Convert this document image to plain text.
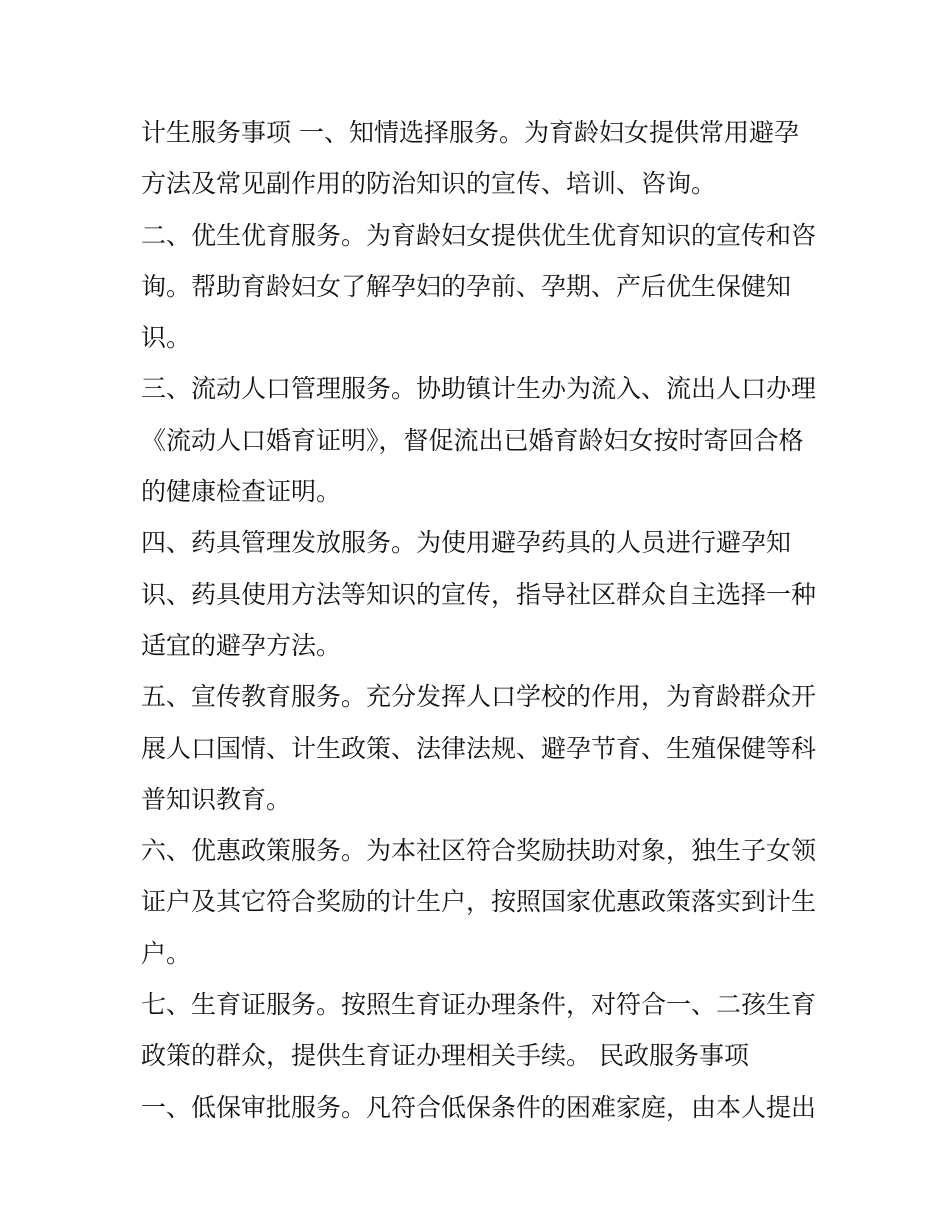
计生服务事项 一、知情选择服务。为育龄妇女提供常用避孕
方法及常见副作用的防治知识的宣传、培训、咨询。
二、优生优育服务。为育龄妇女提供优生优育知识的宣传和咨
询。帮助育龄妇女了解孕妇的孕前、孕期、产后优生保健知
识。
三、流动人口管理服务。协助镇计生办为流入、流出人口办理
《流动人口婚育证明》，督促流出已婚育龄妇女按时寄回合格
的健康检查证明。
四、药具管理发放服务。为使用避孕药具的人员进行避孕知
识、药具使用方法等知识的宣传，指导社区群众自主选择一种
适宜的避孕方法。
五、宣传教育服务。充分发挥人口学校的作用，为育龄群众开
展人口国情、计生政策、法律法规、避孕节育、生殖保健等科
普知识教育。
六、优惠政策服务。为本社区符合奖励扶助对象，独生子女领
证户及其它符合奖励的计生户，按照国家优惠政策落实到计生
户。
七、生育证服务。按照生育证办理条件，对符合一、二孩生育
政策的群众，提供生育证办理相关手续。 民政服务事项
一、低保审批服务。凡符合低保条件的困难家庭，由本人提出
